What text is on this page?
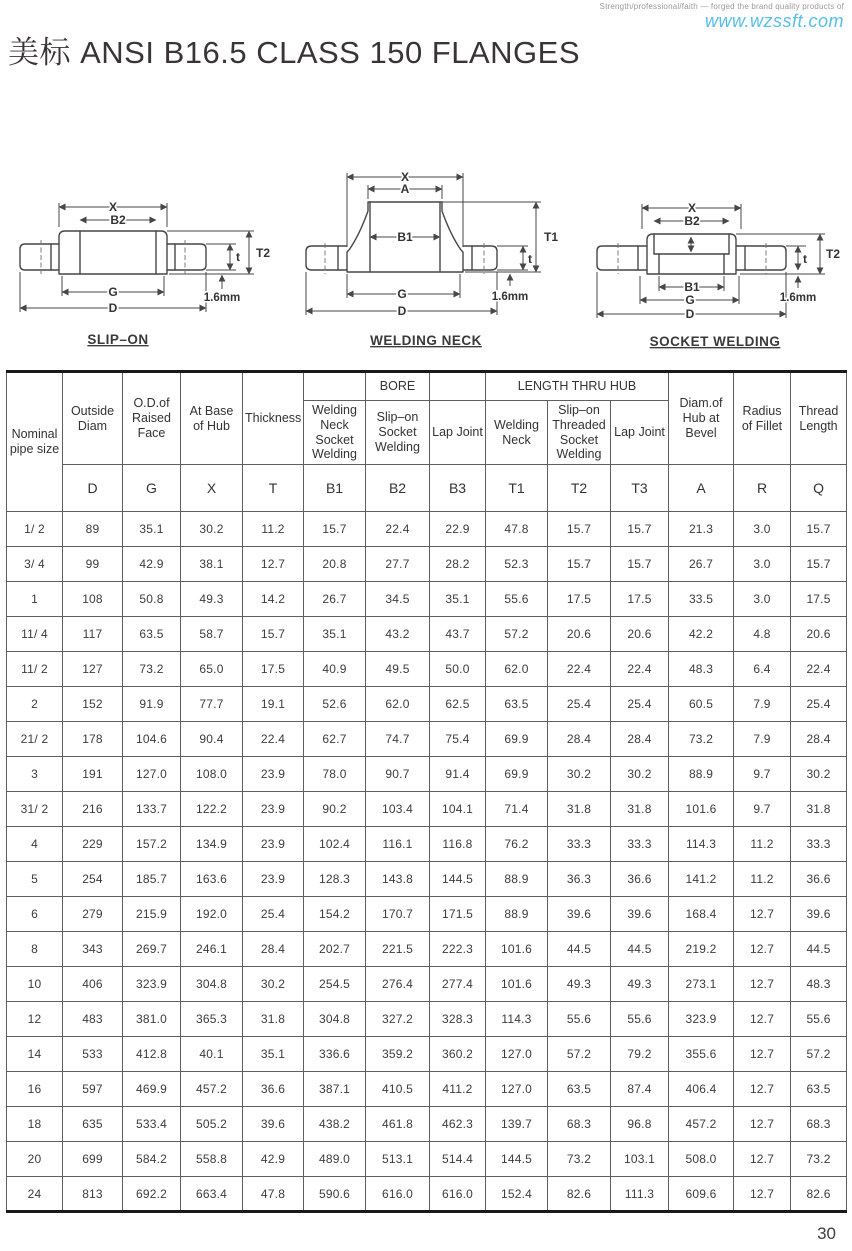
Strength/professional/faith — forged the brand quality products of
www.wzssft.com
美标 ANSI B16.5 CLASS 150 FLANGES
X
B2
G
D
t T2
1.6mm
SLIP–ON
X
A
B1	T1
t
1.6mm
G
D
WELDING NECK
X
B2
B1
G
D
t T2
1.6mm
SOCKET WELDING
Nominal pipe size	Outside Diam	O.D.of Raised Face	At Base of Hub	Thickness		BORE		LENGTH THRU HUB			Diam.of Hub at Bevel	Radius of Fillet	Thread Length
					Welding Neck Socket Welding	Slip–on Socket Welding	Lap Joint	Welding Neck	Slip–on Threaded Socket Welding	Lap Joint			
	D	G	X	T	B1	B2	B3	T1	T2	T3	A	R	Q
1/ 2	89	35.1	30.2	11.2	15.7	22.4	22.9	47.8	15.7	15.7	21.3	3.0	15.7
3/ 4	99	42.9	38.1	12.7	20.8	27.7	28.2	52.3	15.7	15.7	26.7	3.0	15.7
1	108	50.8	49.3	14.2	26.7	34.5	35.1	55.6	17.5	17.5	33.5	3.0	17.5
11/ 4	117	63.5	58.7	15.7	35.1	43.2	43.7	57.2	20.6	20.6	42.2	4.8	20.6
11/ 2	127	73.2	65.0	17.5	40.9	49.5	50.0	62.0	22.4	22.4	48.3	6.4	22.4
2	152	91.9	77.7	19.1	52.6	62.0	62.5	63.5	25.4	25.4	60.5	7.9	25.4
21/ 2	178	104.6	90.4	22.4	62.7	74.7	75.4	69.9	28.4	28.4	73.2	7.9	28.4
3	191	127.0	108.0	23.9	78.0	90.7	91.4	69.9	30.2	30.2	88.9	9.7	30.2
31/ 2	216	133.7	122.2	23.9	90.2	103.4	104.1	71.4	31.8	31.8	101.6	9.7	31.8
4	229	157.2	134.9	23.9	102.4	116.1	116.8	76.2	33.3	33.3	114.3	11.2	33.3
5	254	185.7	163.6	23.9	128.3	143.8	144.5	88.9	36.3	36.6	141.2	11.2	36.6
6	279	215.9	192.0	25.4	154.2	170.7	171.5	88.9	39.6	39.6	168.4	12.7	39.6
8	343	269.7	246.1	28.4	202.7	221.5	222.3	101.6	44.5	44.5	219.2	12.7	44.5
10	406	323.9	304.8	30.2	254.5	276.4	277.4	101.6	49.3	49.3	273.1	12.7	48.3
12	483	381.0	365.3	31.8	304.8	327.2	328.3	114.3	55.6	55.6	323.9	12.7	55.6
14	533	412.8	40.1	35.1	336.6	359.2	360.2	127.0	57.2	79.2	355.6	12.7	57.2
16	597	469.9	457.2	36.6	387.1	410.5	411.2	127.0	63.5	87.4	406.4	12.7	63.5
18	635	533.4	505.2	39.6	438.2	461.8	462.3	139.7	68.3	96.8	457.2	12.7	68.3
20	699	584.2	558.8	42.9	489.0	513.1	514.4	144.5	73.2	103.1	508.0	12.7	73.2
24	813	692.2	663.4	47.8	590.6	616.0	616.0	152.4	82.6	111.3	609.6	12.7	82.6
30
